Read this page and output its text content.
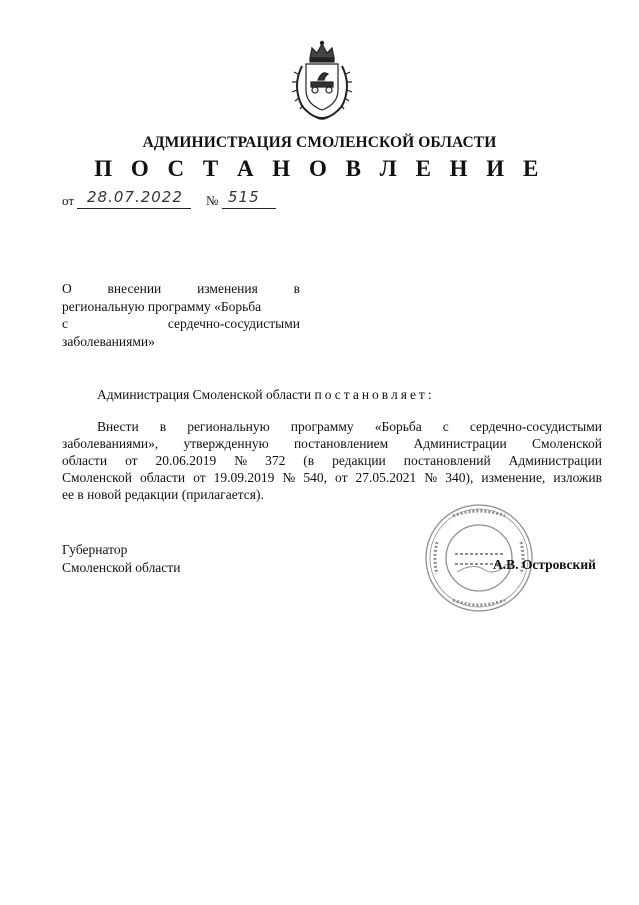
АДМИНИСТРАЦИЯ СМОЛЕНСКОЙ ОБЛАСТИ
П О С Т А Н О В Л Е Н И Е
от 28.07.2022 № 515
О	внесении	изменения	в
региональную программу «Борьба
с	сердечно-сосудистыми
заболеваниями»
Администрация Смоленской области постановляет:
Внести в региональную программу «Борьба с сердечно-сосудистыми
заболеваниями», утвержденную постановлением Администрации Смоленской
области от 20.06.2019 № 372 (в редакции постановлений Администрации
Смоленской области от 19.09.2019 № 540, от 27.05.2021 № 340), изменение, изложив
ее в новой редакции (прилагается).
Губернатор
Смоленской области	А.В. Островский
